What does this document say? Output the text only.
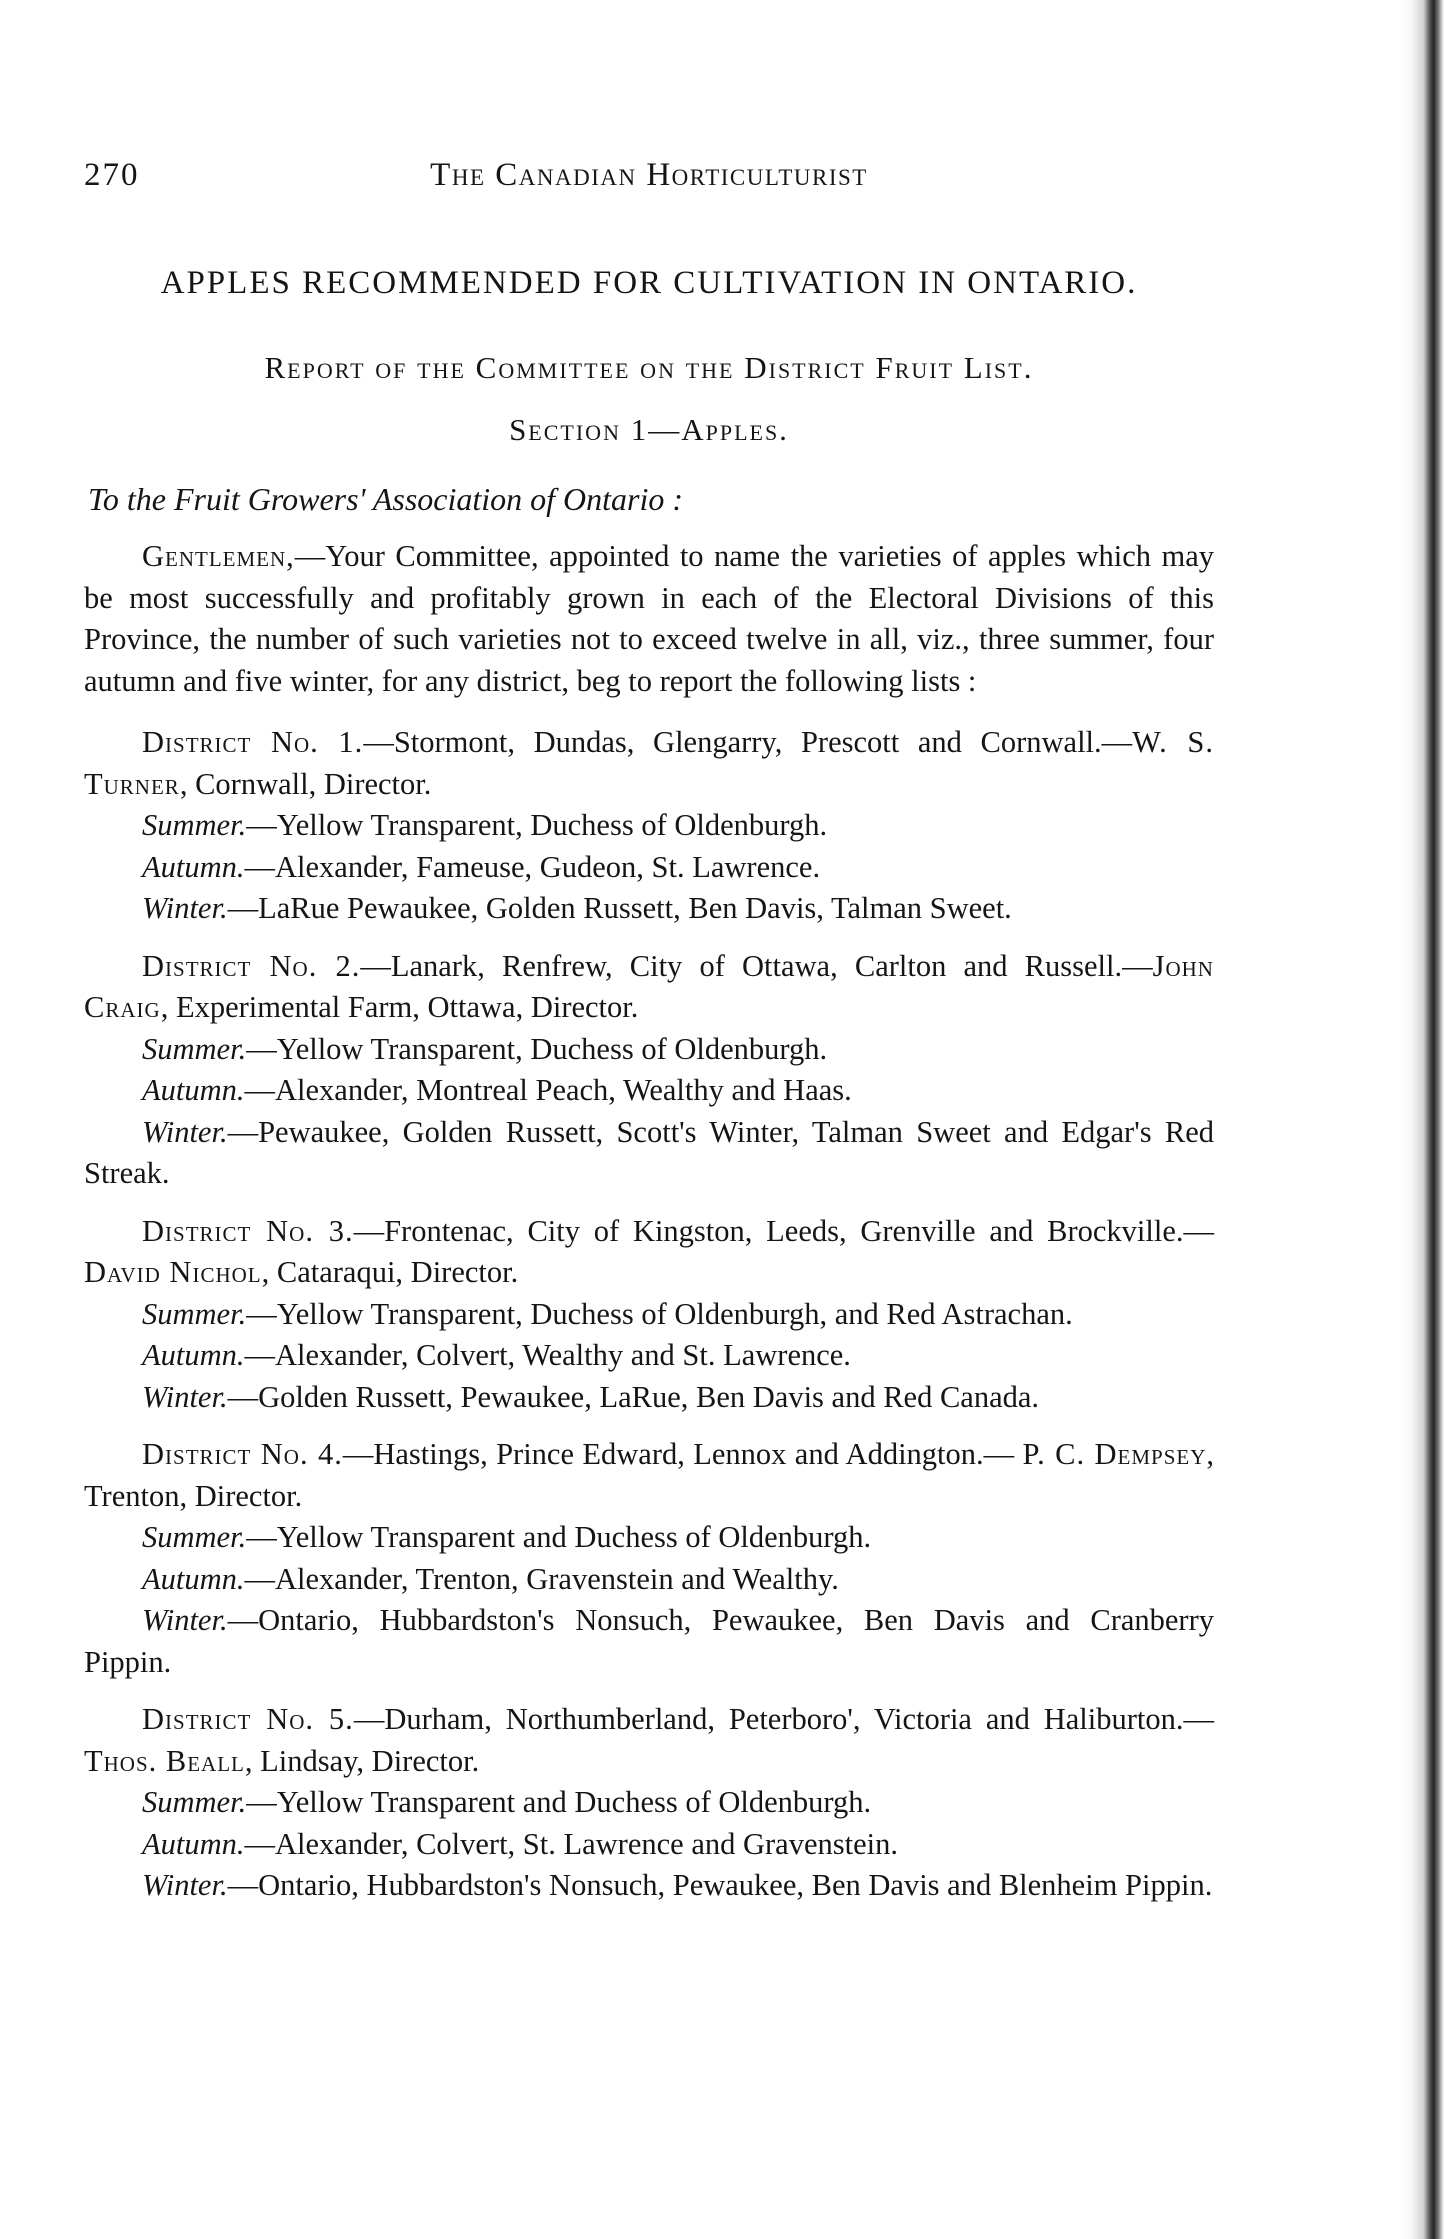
270	The Canadian Horticulturist
APPLES RECOMMENDED FOR CULTIVATION IN ONTARIO.
Report of the Committee on the District Fruit List.
Section 1—Apples.
To the Fruit Growers' Association of Ontario :

Gentlemen,—Your Committee, appointed to name the varieties of apples which may be most successfully and profitably grown in each of the Electoral Divisions of this Province, the number of such varieties not to exceed twelve in all, viz., three summer, four autumn and five winter, for any district, beg to report the following lists :

District No. 1.—Stormont, Dundas, Glengarry, Prescott and Cornwall.—W. S. Turner, Cornwall, Director.

Summer.—Yellow Transparent, Duchess of Oldenburgh.

Autumn.—Alexander, Fameuse, Gudeon, St. Lawrence.

Winter.—LaRue Pewaukee, Golden Russett, Ben Davis, Talman Sweet.

District No. 2.—Lanark, Renfrew, City of Ottawa, Carlton and Russell.—John Craig, Experimental Farm, Ottawa, Director.

Summer.—Yellow Transparent, Duchess of Oldenburgh.

Autumn.—Alexander, Montreal Peach, Wealthy and Haas.

Winter.—Pewaukee, Golden Russett, Scott's Winter, Talman Sweet and Edgar's Red Streak.

District No. 3.—Frontenac, City of Kingston, Leeds, Grenville and Brockville.—David Nichol, Cataraqui, Director.

Summer.—Yellow Transparent, Duchess of Oldenburgh, and Red Astrachan.

Autumn.—Alexander, Colvert, Wealthy and St. Lawrence.

Winter.—Golden Russett, Pewaukee, LaRue, Ben Davis and Red Canada.

District No. 4.—Hastings, Prince Edward, Lennox and Addington.— P. C. Dempsey, Trenton, Director.

Summer.—Yellow Transparent and Duchess of Oldenburgh.

Autumn.—Alexander, Trenton, Gravenstein and Wealthy.

Winter.—Ontario, Hubbardston's Nonsuch, Pewaukee, Ben Davis and Cranberry Pippin.

District No. 5.—Durham, Northumberland, Peterboro', Victoria and Haliburton.—Thos. Beall, Lindsay, Director.

Summer.—Yellow Transparent and Duchess of Oldenburgh.

Autumn.—Alexander, Colvert, St. Lawrence and Gravenstein.

Winter.—Ontario, Hubbardston's Nonsuch, Pewaukee, Ben Davis and Blenheim Pippin.
